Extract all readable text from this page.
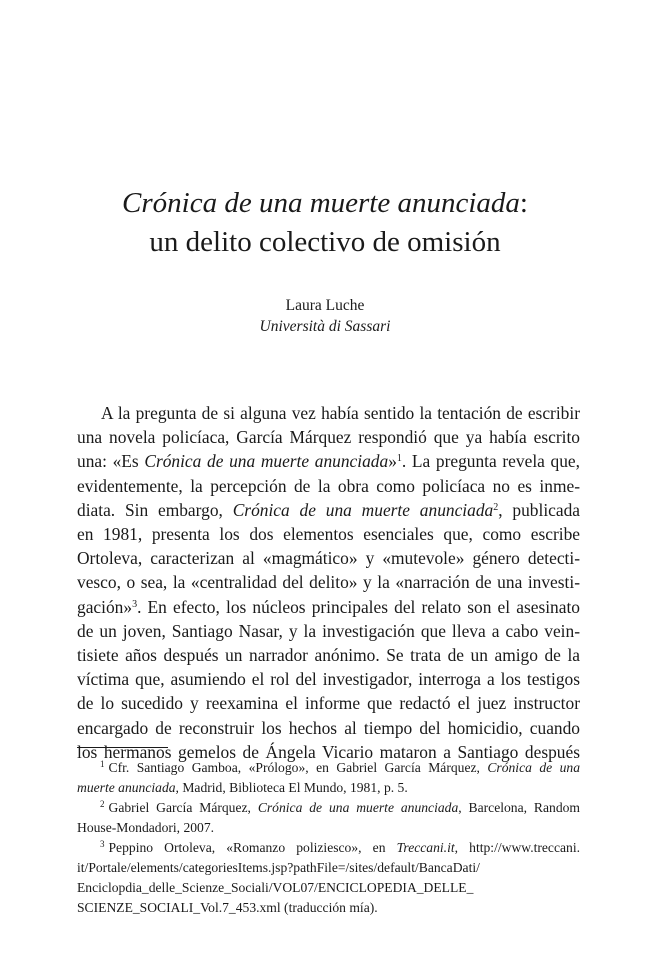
Crónica de una muerte anunciada:
un delito colectivo de omisión
Laura Luche
Università di Sassari
A la pregunta de si alguna vez había sentido la tentación de escribir
una novela policíaca, García Márquez respondió que ya había escrito
una: «Es Crónica de una muerte anunciada»$^1$. La pregunta revela que,
evidentemente, la percepción de la obra como policíaca no es inme-
diata. Sin embargo, Crónica de una muerte anunciada$^2$, publicada
en 1981, presenta los dos elementos esenciales que, como escribe
Ortoleva, caracterizan al «magmático» y «mutevole» género detecti-
vesco, o sea, la «centralidad del delito» y la «narración de una investi-
gación»$^3$. En efecto, los núcleos principales del relato son el asesinato
de un joven, Santiago Nasar, y la investigación que lleva a cabo vein-
tisiete años después un narrador anónimo. Se trata de un amigo de la
víctima que, asumiendo el rol del investigador, interroga a los testigos
de lo sucedido y reexamina el informe que redactó el juez instructor
encargado de reconstruir los hechos al tiempo del homicidio, cuando
los hermanos gemelos de Ángela Vicario mataron a Santiago después
$^1$ Cfr. Santiago Gamboa, «Prólogo», en Gabriel García Márquez, Crónica de una
muerte anunciada, Madrid, Biblioteca El Mundo, 1981, p. 5.
$^2$ Gabriel García Márquez, Crónica de una muerte anunciada, Barcelona, Random
House-Mondadori, 2007.
$^3$ Peppino Ortoleva, «Romanzo poliziesco», en Treccani.it, http://www.treccani.
it/Portale/elements/categoriesItems.jsp?pathFile=/sites/default/BancaDati/
Enciclopdia_delle_Scienze_Sociali/VOL07/ENCICLOPEDIA_DELLE_
SCIENZE_SOCIALI_Vol.7_453.xml (traducción mía).
